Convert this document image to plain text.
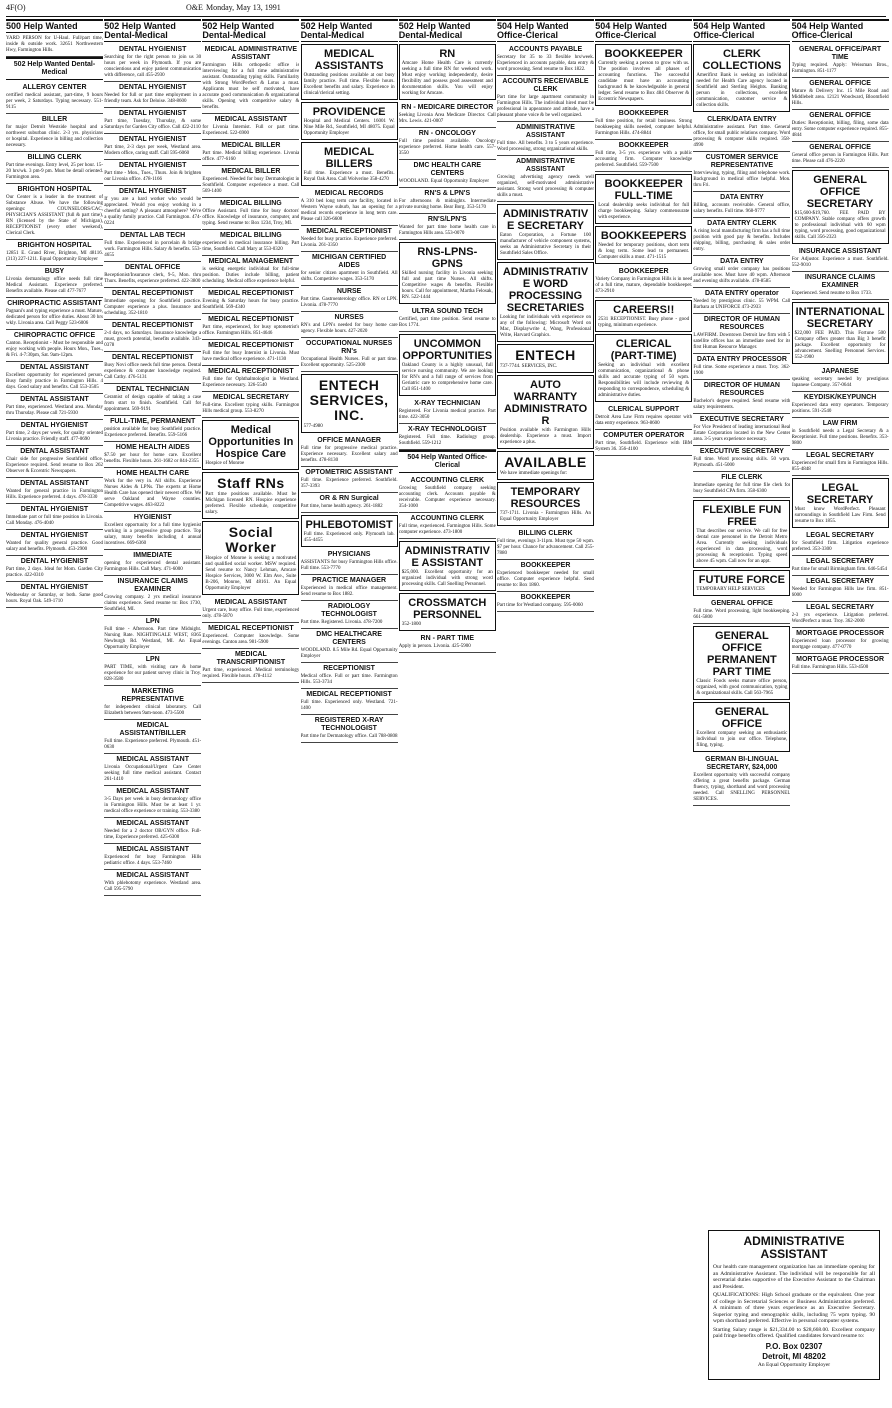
4F(O)	O&E Monday, May 13, 1991
500 Help Wanted
YARD PERSON for U-Haul. Full/part time, inside & outside work. 32651 Northwestern Hwy, Farmington Hills.
502 Help Wanted Dental-Medical
ALLERGY CENTER
certified medical assistant, part-time, 9 hours per week, 2 Saturdays. Typing necessary. 551-9115
BILLER
for major Detroit Westside hospital and a northwest suburban clinic. 2-3 yrs. physicians or hospital. Experience in billing and collection necessary.
BILLING CLERK
Part time evenings. Entry level, 25 per hour. 15-20 hrs/wk. 3 pm-9 pm. Must be detail oriented. Farmington area.
BRIGHTON HOSPITAL
Our Center is a leader in the treatment of Substance Abuse. We have the following openings: COUNSELORS/CAC, PHYSICIAN'S ASSISTANT (full & part time), RN (licensed by the State of Michigan), RECEPTIONIST (every other weekend), Clerical Clerk.
BRIGHTON HOSPITAL
12851 E. Grand River, Brighton, MI 48116. (313) 227-1211. Equal Opportunity Employer
BUSY
Livonia dermatology office needs full time Medical Assistant. Experience preferred. Benefits available. Please call 477-7677
CHIROPRACTIC ASSISTANT
Pagnani's and typing experience a must. Mature, dedicated person for office duties. About 30 hrs wkly. Livonia area. Call Peggy 523-6006
CHIROPRACTIC OFFICE
Canton. Receptionist - Must be responsible and enjoy working with people. Hours Mon., Tues., & Fri. 4-7:30pm, Sat. 9am-12pm.
DENTAL ASSISTANT
Excellent opportunity for experienced person. Busy family practice in Farmington Hills. 4 days. Good salary and benefits. Call 553-3505
DENTAL ASSISTANT
Part time, experienced. Westland area. Monday thru Thursday. Please call 721-5930
DENTAL HYGIENIST
Part time, 2 days per week, for quality oriented Livonia practice. Friendly staff. 477-0690
DENTAL ASSISTANT
Chair side for progressive Southfield office. Experience required. Send resume to Box 262 Observer & Eccentric Newspapers.
DENTAL ASSISTANT
Wanted for general practice in Farmington Hills. Experience preferred. 4 days. 478-3330
DENTAL HYGIENIST
Immediate part or full time position in Livonia. Call Monday. 476-4040
DENTAL HYGIENIST
Wanted for quality general practice. Good salary and benefits. Plymouth. 453-2900
DENTAL HYGIENIST
Part time, 2 days. Ideal for Mom. Garden City practice. 422-0310
DENTAL HYGIENIST
Wednesday or Saturday, or both. Same good hours. Royal Oak. 549-1710
502 Help Wanted Dental-Medical
DENTAL HYGIENIST
Searching for the right person to join us 30 hours per week in Plymouth. If you are conscientious and enjoy patient communication with difference, call 455-2930
DENTAL HYGIENIST
Needed for full or part time employment in a friendly team. Ask for Deloise. 348-8600
DENTAL HYGIENIST
Part time, Tuesday, Thursday, & some Saturdays for Garden City office. Call 422-2110
DENTAL HYGIENIST
Part time, 2-3 days per week, Westland area. Modern office, caring staff. Call 595-6060
DENTAL HYGIENIST
Part time - Mon., Tues., Thurs. Join & brighten our Livonia office. 478-1166
DENTAL HYGIENIST
If you are a hard worker who would be appreciated. Would you enjoy working in a cheerful setting? A pleasant atmosphere? We're a quality family practice. Call Farmington. 474-0224
DENTAL LAB TECH
Full time. Experienced in porcelain & bridge work. Farmington Hills. Salary & benefits. 553-4655
DENTAL OFFICE
Receptionist/Insurance clerk, 9-5, Mon. thru Thurs. Benefits, experience preferred. 422-3800
DENTAL RECEPTIONIST
Immediate opening for Southfield practice. Computer experience a plus. Insurance and scheduling. 352-1810
DENTAL RECEPTIONIST
2-4 days, no Saturdays. Insurance knowledge a must, growth potential, benefits available. 343-0378
DENTAL RECEPTIONIST
Busy Novi office needs full time person. Dental experience & computer knowledge required. Call Cathy. 476-5131
DENTAL TECHNICIAN
Ceramist of design capable of taking a case from start to finish. Southfield. Call for appointment. 569-9191
FULL-TIME, PERMANENT
position available for busy Southfield practice. Experience preferred. Benefits. 559-5166
HOME HEALTH AIDES
$7.50 per hour for home care. Excellent benefits. Flexible hours. 261-1682 or 844-2355
HOME HEALTH CARE
Work for the very in. All shifts. Experience Nurses Aides & LPNs. The experts at Home Health Care has opened their newest office. We serve Oakland and Wayne counties. Competitive wages. 463-8222
HYGIENIST
Excellent opportunity for a full time hygienist working in a progressive group practice. Top salary, many benefits including 4 annual incentives. 669-6360
IMMEDIATE
opening for experienced dental assistant. Farmington Hills. Call Mary. 471-6000
INSURANCE CLAIMS EXAMINER
Growing company. 2 yrs medical insurance claims experience. Send resume to: Box 1730, Southfield, MI.
LPN
Full time - Afternoon. Part time Midnight. Nursing Rate. NIGHTINGALE WEST, 8365 Newburgh Rd. Westland, MI. An Equal Opportunity Employer
LPN
PART TIME, with visiting care & home experience for our patient survey clinic in Troy. 828-3580
MARKETING REPRESENTATIVE
for independent clinical laboratory. Call Elizabeth between 9am-noon. 473-5500
MEDICAL ASSISTANT/BILLER
Full time. Experience preferred. Plymouth. 451-0630
MEDICAL ASSISTANT
Livonia Occupational/Urgent Care Center seeking full time medical assistant. Contact 261-1410
MEDICAL ASSISTANT
3-5 Days per week in busy dermatology office in Farmington Hills. Must be at least 1 yr. medical office experience or training. 553-3380
MEDICAL ASSISTANT
Needed for a 2 doctor OB/GYN office. Full-time, Experience preferred. 425-6300
MEDICAL ASSISTANT
Experienced for busy Farmington Hills pediatric office. 4 days. 553-7460
MEDICAL ASSISTANT
With phlebotomy experience. Westland area. Call 595-5790
502 Help Wanted Dental-Medical
MEDICAL ADMINISTRATIVE ASSISTANT
Farmington Hills orthopedic office is interviewing for a full time administrative assistant. Outstanding typing skills. Familiarity with Strong WordPerfect & Lotus a must. Applicants must be self motivated, have accurate good communication & organizational skills. Opening with competitive salary & benefits.
MEDICAL ASSISTANT
for Livonia Internist. Full or part time. Experienced. 522-6900
MEDICAL BILLER
Part time. Medical billing experience. Livonia office. 477-6160
MEDICAL BILLER
Experienced. Needed for busy Dermatologist in Southfield. Computer experience a must. Call 569-1400
MEDICAL BILLING
Office Assistant. Full time for busy doctors' office. Knowledge of insurance, computer, and typing. Send resume to: Box 1234, Troy, MI.
MEDICAL BILLING
experienced in medical insurance billing. Part time, Southfield. Call Mary at 553-0320
MEDICAL MANAGEMENT
is seeking energetic individual for full-time position. Duties include billing, patient scheduling. Medical office experience helpful.
MEDICAL RECEPTIONIST
Evening & Saturday hours for busy practice. Southfield. 569-4340
MEDICAL RECEPTIONIST
Part time, experienced, for busy optometrist's office. Farmington Hills. 851-4646
MEDICAL RECEPTIONIST
Full time for busy Internist in Livonia. Must have medical office experience. 471-1130
MEDICAL RECEPTIONIST
Full time for Ophthalmologist in Westland. Experience necessary. 326-5540
MEDICAL SECRETARY
Full-time. Excellent typing skills. Farmington Hills medical group. 553-8270
Medical Opportunities In Hospice Care
Hospice of Monroe
Staff RNs
Part time positions available. Must be Michigan licensed RN. Hospice experience preferred. Flexible schedule, competitive salary.
Social Worker
Hospice of Monroe is seeking a motivated and qualified social worker. MSW required. Send resume to: Nancy Lehman, Amcare Hospice Services, 3000 W. Elm Ave., Suite B-206, Monroe, MI 48161. An Equal Opportunity Employer
MEDICAL ASSISTANT
Urgent care, busy office. Full time, experienced only. 478-5870
MEDICAL RECEPTIONIST
Experienced. Computer knowledge. Some evenings. Canton area. 981-5900
MEDICAL TRANSCRIPTIONIST
Part time, experienced. Medical terminology required. Flexible hours. 478-4112
502 Help Wanted Dental-Medical
MEDICAL ASSISTANTS
Outstanding positions available at our busy family practice. Full time. Flexible hours. Excellent benefits and salary. Experience in clinical/clerical setting.
PROVIDENCE
Hospital and Medical Centers. 16001 W. Nine Mile Rd., Southfield, MI 48075. Equal Opportunity Employer
MEDICAL BILLERS
Full time. Experience a must. Benefits. Royal Oak Area. Call Wolverine 358-4270
MEDICAL RECORDS
A 310 bed long term care facility, located in Western Wayne suburb, has an opening for a medical records experience in long term care. Please call 326-6600
MEDICAL RECEPTIONIST
Needed for busy practice. Experience preferred. Livonia. 261-3350
MICHIGAN CERTIFIED AIDES
for senior citizen apartment in Southfield. All shifts. Competitive wages. 353-5170
NURSE
Part time. Gastroenterology office. RN or LPN. Livonia. 478-7770
NURSES
RN's and LPN's needed for busy home care agency. Flexible hours. 427-2020
OCCUPATIONAL NURSES RN's
Occupational Health Nurses. Full or part time. Excellent opportunity. 525-2300
ENTECH SERVICES, INC.
577-4980
OFFICE MANAGER
Full time for progressive medical practice. Experience necessary. Excellent salary and benefits. 478-8130
OPTOMETRIC ASSISTANT
Full time. Experience preferred. Southfield. 357-3393
OR & RN Surgical
Part time, home health agency. 261-1882
PHLEBOTOMIST
Full time. Experienced only. Plymouth lab. 455-4455
PHYSICIANS
ASSISTANTS for busy Farmington Hills office. Full time. 553-7770
PRACTICE MANAGER
Experienced in medical office management. Send resume to Box 1882.
RADIOLOGY TECHNOLOGIST
Part time. Registered. Livonia. 478-7200
DMC HEALTHCARE CENTERS
WOODLAND. 8.5 Mile Rd. Equal Opportunity Employer
RECEPTIONIST
Medical office. Full or part time. Farmington Hills. 553-3734
MEDICAL RECEPTIONIST
Full time. Experienced only. Westland. 721-1400
REGISTERED X-RAY TECHNOLOGIST
Part time for Dermatology office. Call 788-0808
502 Help Wanted Dental-Medical
RN
Amcare Home Health Care is currently seeking a full time RN for weekend work. Must enjoy working independently, desire flexibility and possess good assessment and documentation skills. You will enjoy working for Amcare.
RN - MEDICARE DIRECTOR
Seeking Livonia Area Medicare Director. Call Mrs. Lewis. 421-0007
RN - ONCOLOGY
Full time position available. Oncology experience preferred. Home health care. 557-3550
DMC HEALTH CARE CENTERS
WOODLAND. Equal Opportunity Employer
RN'S & LPN'S
For afternoons & midnights. Intermediate private nursing home. Bear Borg. 353-5170
RN'S/LPN'S
Wanted for part time home health care in Farmington Hills area. 553-0070
RNS-LPNS-GPNS
Skilled nursing facility in Livonia seeking full and part time Nurses. All shifts. Competitive wages & benefits. Flexible hours. Call for appointment, Martha Felosak, RN. 522-1444
ULTRA SOUND TECH
Certified, part time position. Send resume to Box 1774.
UNCOMMON OPPORTUNITIES
Oakland County is a highly unusual, full service nursing community. We are looking for RN's and a full range of services from Geriatric care to comprehensive home care. Call 851-1400
X-RAY TECHNICIAN
Registered. For Livonia medical practice. Part time. 422-3050
X-RAY TECHNOLOGIST
Registered. Full time. Radiology group. Southfield. 559-1212
504 Help Wanted Office-Clerical
ACCOUNTING CLERK
Growing Southfield company seeking accounting clerk. Accounts payable & receivable. Computer experience necessary. 354-1000
ACCOUNTING CLERK
Full time, experienced. Farmington Hills. Some computer experience. 473-1800
ADMINISTRATIVE ASSISTANT
$25,000. Excellent opportunity for an organized individual with strong word processing skills. Call Snelling Personnel.
CROSSMATCH PERSONNEL
352-1800
RN - PART TIME
Apply in person. Livonia. 425-5900
504 Help Wanted Office-Clerical
ACCOUNTS PAYABLE
Secretary for 35 to 33 flexible hrs/week. Experienced in accounts payable, data entry & word processing. Send resume to Box 1822.
ACCOUNTS RECEIVABLE CLERK
Part time for large apartment community in Farmington Hills. The individual hired must be professional in appearance and attitude, have a pleasant phone voice & be well organized.
ADMINISTRATIVE ASSISTANT
Full time. All benefits. 3 to 5 years experience. Word processing, strong organizational skills.
ADMINISTRATIVE ASSISTANT
Growing advertising agency needs well organized, self-motivated administrative assistant. Strong word processing & computer skills a must.
ADMINISTRATIVE SECRETARY
Eaton Corporation, a Fortune 100 manufacturer of vehicle component systems, seeks an Administrative Secretary in their Southfield Sales Office.
ADMINISTRATIVE WORD PROCESSING SECRETARIES
Looking for individuals with experience on any of the following: Microsoft Word on Mac, Displaywrite 4, Wang, Professional Write, Harvard Graphics.
ENTECH
737-7744. SERVICES, INC.
AUTO WARRANTY ADMINISTRATOR
Position available with Farmington Hills dealership. Experience a must. Import experience a plus.
AVAILABLE
We have immediate openings for:
TEMPORARY RESOURCES
737-1711. Livonia - Farmington Hills. An Equal Opportunity Employer
BILLING CLERK
Full time, evenings 3-11pm. Must type 50 wpm. $7 per hour. Chance for advancement. Call 255-7880
BOOKKEEPER
Experienced bookkeeper needed for small office. Computer experience helpful. Send resume to: Box 1860.
BOOKKEEPER
Part time for Westland company. 595-0060
504 Help Wanted Office-Clerical
BOOKKEEPER
Currently seeking a person to grow with us. The position involves all phases of accounting functions. The successful candidate must have an accounting background & be knowledgeable in general ledger. Send resume to Box 484 Observer & Eccentric Newspapers.
BOOKKEEPER
Full time position, for retail business. Strong bookkeeping skills needed, computer helpful. Farmington Hills. 474-8844
BOOKKEEPER
Full time, 3-5 yrs. experience with a public accounting firm. Computer knowledge preferred. Southfield. 559-7500
BOOKKEEPER FULL-TIME
Local dealership seeks individual for full charge bookkeeping. Salary commensurate with experience.
BOOKKEEPERS
Needed for temporary positions, short term & long term. Some lead to permanent. Computer skills a must. 471-1515
BOOKKEEPER
Variety Company in Farmington Hills is in need of a full time, mature, dependable bookkeeper. 473-2910
CAREERS!!
2531 RECEPTIONIST. Busy phone - good typing, minimum experience.
CLERICAL (PART-TIME)
Seeking an individual with excellent communication, organizational & phone skills and accurate typing of 50 wpm. Responsibilities will include reviewing & responding to correspondence, scheduling & administrative duties.
CLERICAL SUPPORT
Detroit Area Law Firm requires operator with data entry experience. 963-8600
COMPUTER OPERATOR
Part time, Southfield. Experience with IBM System 36. 356-4100
504 Help Wanted Office-Clerical
CLERK COLLECTIONS
Amerifirst Bank is seeking an individual needed for Health Care agency located in Southfield and Sterling Heights. Banking person in collections, excellent communication, customer service & collection skills.
CLERK/DATA ENTRY
Administrative assistant. Part time. General office, for small public relations company. Word processing & computer skills required. 358-4990
CUSTOMER SERVICE REPRESENTATIVE
Interviewing, typing, filing and telephone work. Background in medical office helpful. Mon. thru Fri.
DATA ENTRY
Billing, accounts receivable. General office, salary benefits. Full time. 968-9777
DATA ENTRY CLERK
A rising local manufacturing firm has a full time position with good pay & benefits. Includes shipping, billing, purchasing & sales order entry.
DATA ENTRY
Growing small order company has positions available now. Must have 40 wpm. Afternoon and evening shifts available. 478-8585
DATA ENTRY operator
Needed by prestigious clinic. 55 WPM. Call Barbara at UNIFORCE 473-2933
DIRECTOR OF HUMAN RESOURCES
LAWFIRM. Downtown Detroit law firm with 5 satellite offices has an immediate need for its first Human Resource Manager.
DATA ENTRY PROCESSOR
Full time. Some experience a must. Troy. 362-1900
DIRECTOR OF HUMAN RESOURCES
Bachelor's degree required. Send resume with salary requirements.
EXECUTIVE SECRETARY
For Vice President of leading international Real Estate Corporation located in the New Center area. 3-5 years experience necessary.
EXECUTIVE SECRETARY
Full time. Word processing skills. 50 wpm. Plymouth. 451-5000
FILE CLERK
Immediate opening for full time file clerk for busy Southfield CPA firm. 358-6300
FLEXIBLE FUN FREE
That describes our service. We call for free dental care personnel in the Detroit Metro Area. Currently seeking individuals experienced in data processing, word processing & receptionist. Typing speed above 45 wpm. Call now for an appt.
FUTURE FORCE
TEMPORARY HELP SERVICES
GENERAL OFFICE
Full time. Word processing, light bookkeeping. 661-5800
GENERAL OFFICE PERMANENT PART TIME
Classic Foods seeks mature office person, organized, with good communication, typing & organizational skills. Call 563-7965
GENERAL OFFICE
Excellent company seeking an enthusiastic individual to join our office. Telephone, filing, typing.
GERMAN BI-LINGUAL SECRETARY, $24,000
Excellent opportunity with successful company offering a great benefits package. German fluency, typing, shorthand and word processing needed. Call SNELLING PERSONNEL SERVICES.
504 Help Wanted Office-Clerical
GENERAL OFFICE/PART TIME
Typing required. Apply: Weissman Bros., Farmington. 851-1177
GENERAL OFFICE
Mature & Delivery Inc. 15 Mile Road and Middlebelt area. 12121 Woodward, Bloomfield Hills.
GENERAL OFFICE
Duties: Receptionist, billing, filing, some data entry. Some computer experience required. 855-4844
GENERAL OFFICE
General office person in Farmington Hills. Part time. Please call 476-2220
GENERAL OFFICE SECRETARY
$15,600-$19,760. FEE PAID BY COMPANY. Stable company offers growth to professional individual with 60 wpm typing, word processing, good organizational skills. Call 356-2323
INSURANCE ASSISTANT
For Adjustor. Experience a must. Southfield. 552-9010
INSURANCE CLAIMS EXAMINER
Experienced. Send resume to Box 1733.
INTERNATIONAL SECRETARY
$22,000 FEE PAID. This Fortune 500 Company offers greater than Big 3 benefit package. Excellent opportunity for advancement. Snelling Personnel Services. 552-1900
JAPANESE
speaking secretary needed by prestigious Japanese Company. 357-0644
KEYDISK/KEYPUNCH
Experienced data entry operators. Temporary positions. 591-2540
LAW FIRM
in Southfield needs a Legal Secretary & a Receptionist. Full time positions. Benefits. 353-9800
LEGAL SECRETARY
Experienced for small firm in Farmington Hills. 855-4848
LEGAL SECRETARY
Must know WordPerfect. Pleasant surroundings in Southfield Law Firm. Send resume to Box 1855.
LEGAL SECRETARY
for Southfield firm. Litigation experience preferred. 353-3300
LEGAL SECRETARY
Part time for small Birmingham firm. 646-5454
LEGAL SECRETARY
Needed for Farmington Hills law firm. 851-6000
LEGAL SECRETARY
2-3 yrs experience. Litigation preferred. WordPerfect a must. Troy. 362-2000
MORTGAGE PROCESSOR
Experienced loan processor for growing mortgage company. 477-0770
MORTGAGE PROCESSOR
Full time. Farmington Hills. 553-4500
ADMINISTRATIVE ASSISTANT

Our health care management organization has an immediate opening for an Administrative Assistant. The individual will be responsible for all secretarial duties supportive of the Executive Assistant to the Chairman and President.

QUALIFICATIONS: High School graduate or the equivalent. One year of college in Secretarial Sciences or Business Administration preferred. A minimum of three years experience as an Executive Secretary. Superior typing and stenographic skills, including 75 wpm typing. 90 wpm shorthand preferred. Effective in personal computer systems.

Starting Salary range is $21,334.00 to $28,668.00. Excellent company paid fringe benefits offered. Qualified candidates forward resume to:

P.O. Box 02307
Detroit, MI 48202

An Equal Opportunity Employer
